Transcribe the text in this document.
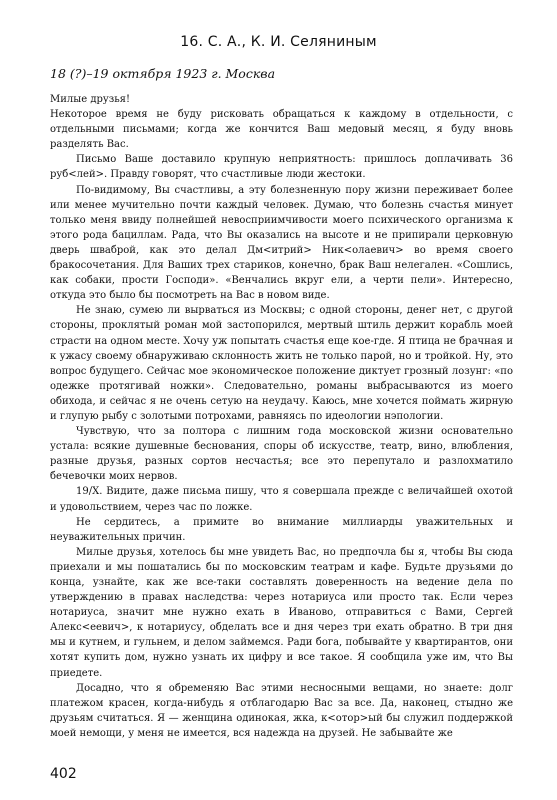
16. С. А., К. И. Селяниным
18 (?)–19 октября 1923 г. Москва

Милые друзья!

Некоторое время не буду рисковать обращаться к каждому в отдельности, с отдельными письмами; когда же кончится Ваш медовый месяц, я буду вновь разделять Вас.

Письмо Ваше доставило крупную неприятность: пришлось доплачивать 36 руб<лей>. Правду говорят, что счастливые люди жестоки.

По-видимому, Вы счастливы, а эту болезненную пору жизни переживает более или менее мучительно почти каждый человек. Думаю, что болезнь счастья минует только меня ввиду полнейшей невосприимчивости моего психического организма к этого рода бациллам. Рада, что Вы оказались на высоте и не припирали церковную дверь шваброй, как это делал Дм<итрий> Ник<олаевич> во время своего бракосочетания. Для Ваших трех стариков, конечно, брак Ваш нелегален. «Сошлись, как собаки, прости Господи». «Венчались вкруг ели, а черти пели». Интересно, откуда это было бы посмотреть на Вас в новом виде.

Не знаю, сумею ли вырваться из Москвы; с одной стороны, денег нет, с другой стороны, проклятый роман мой застопорился, мертвый штиль держит корабль моей страсти на одном месте. Хочу уж попытать счастья еще кое-где. Я птица не брачная и к ужасу своему обнаруживаю склонность жить не только парой, но и тройкой. Ну, это вопрос будущего. Сейчас мое экономическое положение диктует грозный лозунг: «по одежке протягивай ножки». Следовательно, романы выбрасываются из моего обихода, и сейчас я не очень сетую на неудачу. Каюсь, мне хочется поймать жирную и глупую рыбу с золотыми потрохами, равняясь по идеологии нэпологии.

Чувствую, что за полтора с лишним года московской жизни основательно устала: всякие душевные беснования, споры об искусстве, театр, вино, влюбления, разные друзья, разных сортов несчастья; все это перепутало и разлохматило бечевочки моих нервов.

19/X. Видите, даже письма пишу, что я совершала прежде с величайшей охотой и удовольствием, через час по ложке.

Не сердитесь, а примите во внимание миллиарды уважительных и неуважительных причин.

Милые друзья, хотелось бы мне увидеть Вас, но предпочла бы я, чтобы Вы сюда приехали и мы пошатались бы по московским театрам и кафе. Будьте друзьями до конца, узнайте, как же все-таки составлять доверенность на ведение дела по утверждению в правах наследства: через нотариуса или просто так. Если через нотариуса, значит мне нужно ехать в Иваново, отправиться с Вами, Сергей Алекс<еевич>, к нотариусу, обделать все и дня через три ехать обратно. В три дня мы и кутнем, и гульнем, и делом займемся. Ради бога, побывайте у квартирантов, они хотят купить дом, нужно узнать их цифру и все такое. Я сообщила уже им, что Вы приедете.

Досадно, что я обременяю Вас этими несносными вещами, но знаете: долг платежом красен, когда-нибудь я отблагодарю Вас за все. Да, наконец, стыдно же друзьям считаться. Я — женщина одинокая, жка, к<отор>ый бы служил поддержкой моей немощи, у меня не имеется, вся надежда на друзей. Не забывайте же

402
